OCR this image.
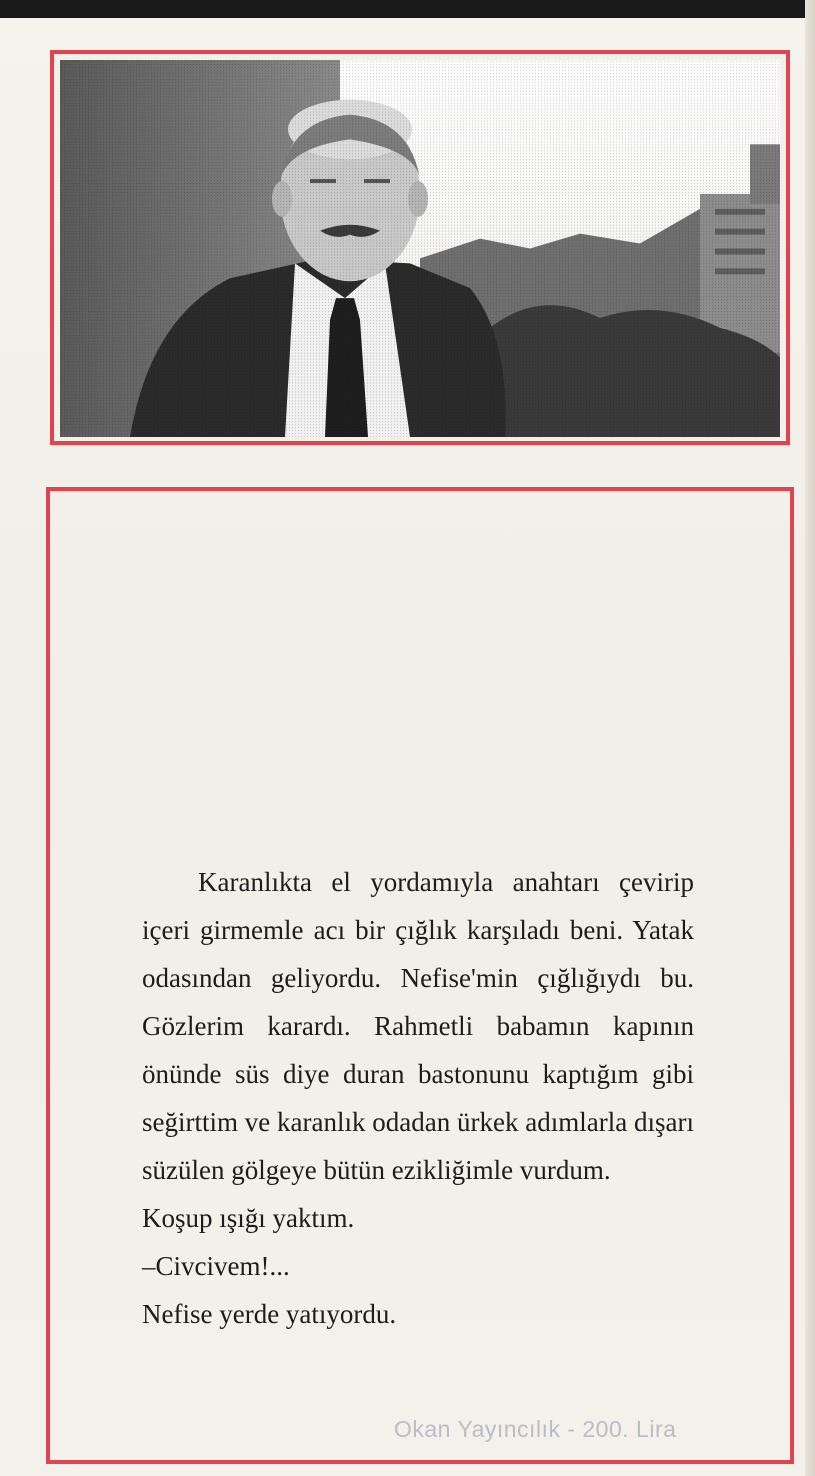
Karanlıkta el yordamıyla anahtarı çevirip içeri girmemle acı bir çığlık karşıladı beni. Yatak odasından geliyordu. Nefise'min çığlığıydı bu. Gözlerim karardı. Rahmetli babamın kapının önünde süs diye duran bastonunu kaptığım gibi seğirttim ve karanlık odadan ürkek adımlarla dışarı süzülen gölgeye bütün ezikliğimle vurdum.

Koşup ışığı yaktım.

–Civcivem!...

Nefise yerde yatıyordu.

Okan Yayıncılık - 200. Lira
